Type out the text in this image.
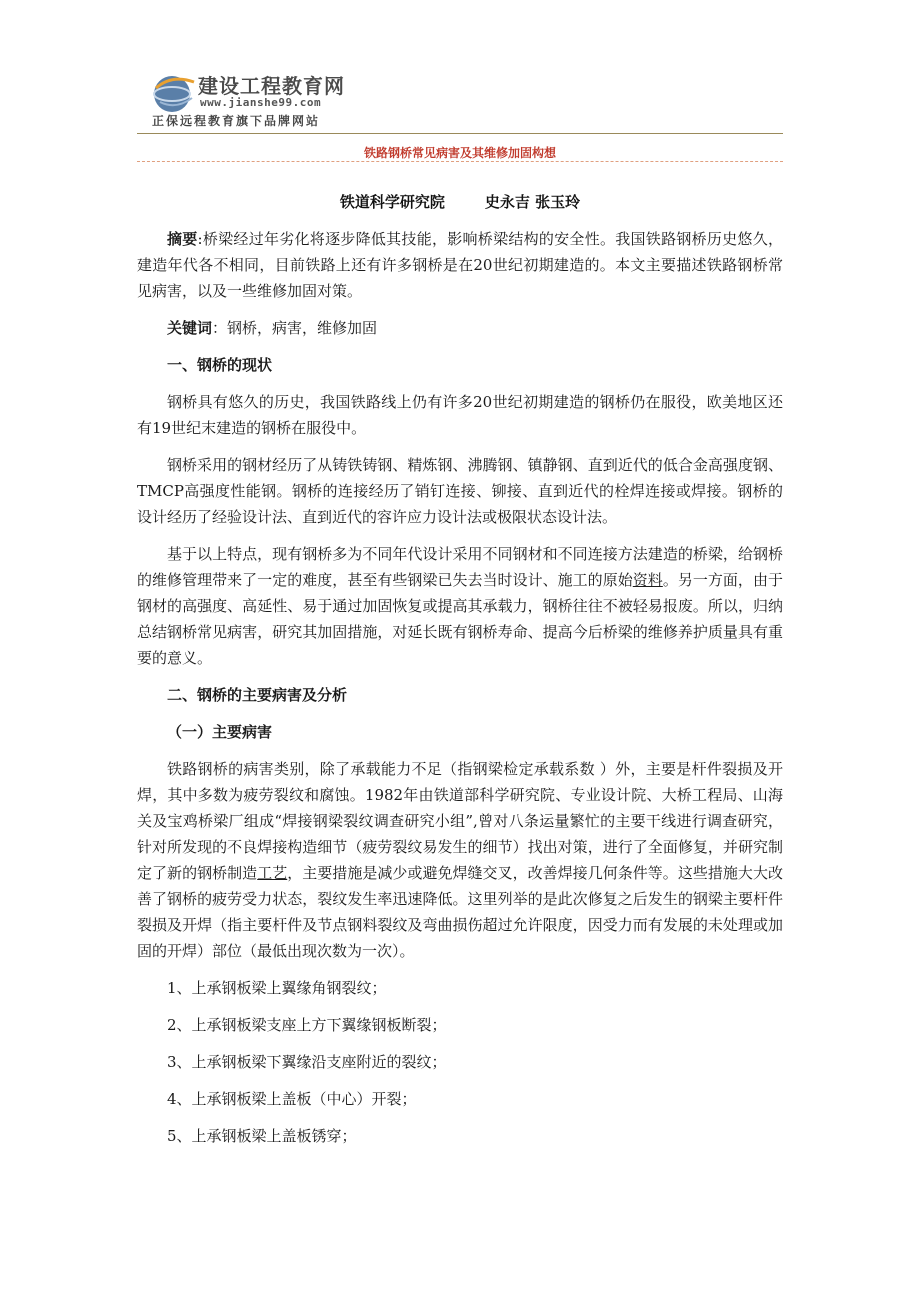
建设工程教育网
www.jianshe99.com
正保远程教育旗下品牌网站
铁路钢桥常见病害及其维修加固构想
铁道科学研究院	史永吉 张玉玲

摘要:桥梁经过年劣化将逐步降低其技能，影响桥梁结构的安全性。我国铁路钢桥历史悠久，建造年代各不相同，目前铁路上还有许多钢桥是在20世纪初期建造的。本文主要描述铁路钢桥常见病害，以及一些维修加固对策。

关键词：钢桥，病害，维修加固

一、钢桥的现状

钢桥具有悠久的历史，我国铁路线上仍有许多20世纪初期建造的钢桥仍在服役，欧美地区还有19世纪末建造的钢桥在服役中。

钢桥采用的钢材经历了从铸铁铸钢、精炼钢、沸腾钢、镇静钢、直到近代的低合金高强度钢、TMCP高强度性能钢。钢桥的连接经历了销钉连接、铆接、直到近代的栓焊连接或焊接。钢桥的设计经历了经验设计法、直到近代的容许应力设计法或极限状态设计法。

基于以上特点，现有钢桥多为不同年代设计采用不同钢材和不同连接方法建造的桥梁，给钢桥的维修管理带来了一定的难度，甚至有些钢梁已失去当时设计、施工的原始资料。另一方面，由于钢材的高强度、高延性、易于通过加固恢复或提高其承载力，钢桥往往不被轻易报废。所以，归纳总结钢桥常见病害，研究其加固措施，对延长既有钢桥寿命、提高今后桥梁的维修养护质量具有重要的意义。

二、钢桥的主要病害及分析

（一）主要病害

铁路钢桥的病害类别，除了承载能力不足（指钢梁检定承载系数 ）外，主要是杆件裂损及开焊，其中多数为疲劳裂纹和腐蚀。1982年由铁道部科学研究院、专业设计院、大桥工程局、山海关及宝鸡桥梁厂组成“焊接钢梁裂纹调查研究小组”,曾对八条运量繁忙的主要干线进行调查研究，针对所发现的不良焊接构造细节（疲劳裂纹易发生的细节）找出对策，进行了全面修复，并研究制定了新的钢桥制造工艺，主要措施是减少或避免焊缝交叉，改善焊接几何条件等。这些措施大大改善了钢桥的疲劳受力状态，裂纹发生率迅速降低。这里列举的是此次修复之后发生的钢梁主要杆件裂损及开焊（指主要杆件及节点钢料裂纹及弯曲损伤超过允许限度，因受力而有发展的未处理或加固的开焊）部位（最低出现次数为一次）。

1、上承钢板梁上翼缘角钢裂纹；

2、上承钢板梁支座上方下翼缘钢板断裂；

3、上承钢板梁下翼缘沿支座附近的裂纹；

4、上承钢板梁上盖板（中心）开裂；

5、上承钢板梁上盖板锈穿；
